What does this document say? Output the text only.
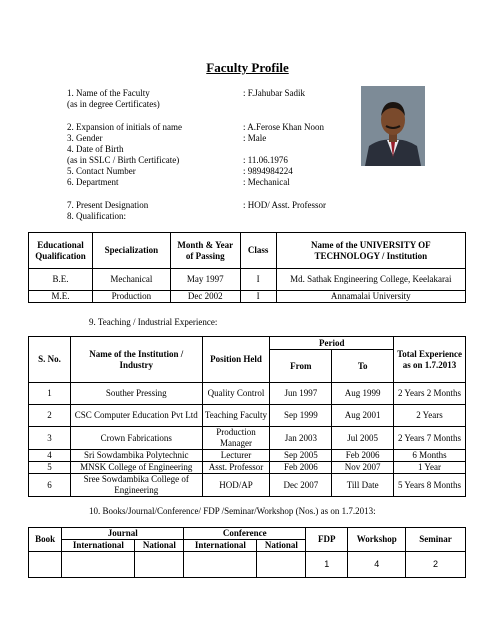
Faculty Profile
1. Name of the Faculty	: F.Jahubar Sadik
(as in degree Certificates)
2. Expansion of initials of name	: A.Ferose Khan Noon
3. Gender	: Male
4. Date of Birth
(as in SSLC / Birth Certificate)	: 11.06.1976
5. Contact Number	: 9894984224
6. Department	: Mechanical
7. Present Designation	: HOD/ Asst. Professor
8. Qualification:
Educational Qualification	Specialization	Month & Year of Passing	Class	Name of the UNIVERSITY OF TECHNOLOGY / Institution
B.E.	Mechanical	May 1997	I	Md. Sathak Engineering College, Keelakarai
M.E.	Production	Dec 2002	I	Annamalai University
9. Teaching / Industrial Experience:
S. No.	Name of the Institution / Industry	Position Held	Period		Total Experience as on 1.7.2013
			From	To	
1	Souther Pressing	Quality Control	Jun 1997	Aug 1999	2 Years 2 Months
2	CSC Computer Education Pvt Ltd	Teaching Faculty	Sep 1999	Aug 2001	2 Years
3	Crown Fabrications	Production Manager	Jan 2003	Jul 2005	2 Years 7 Months
4	Sri Sowdambika Polytechnic	Lecturer	Sep 2005	Feb 2006	6 Months
5	MNSK College of Engineering	Asst. Professor	Feb 2006	Nov 2007	1 Year
6	Sree Sowdambika College of Engineering	HOD/AP	Dec 2007	Till Date	5 Years 8 Months
10. Books/Journal/Conference/ FDP /Seminar/Workshop (Nos.) as on 1.7.2013:
Book	Journal		Conference		FDP	Workshop	Seminar
	International	National	International	National			
					1	4	2
